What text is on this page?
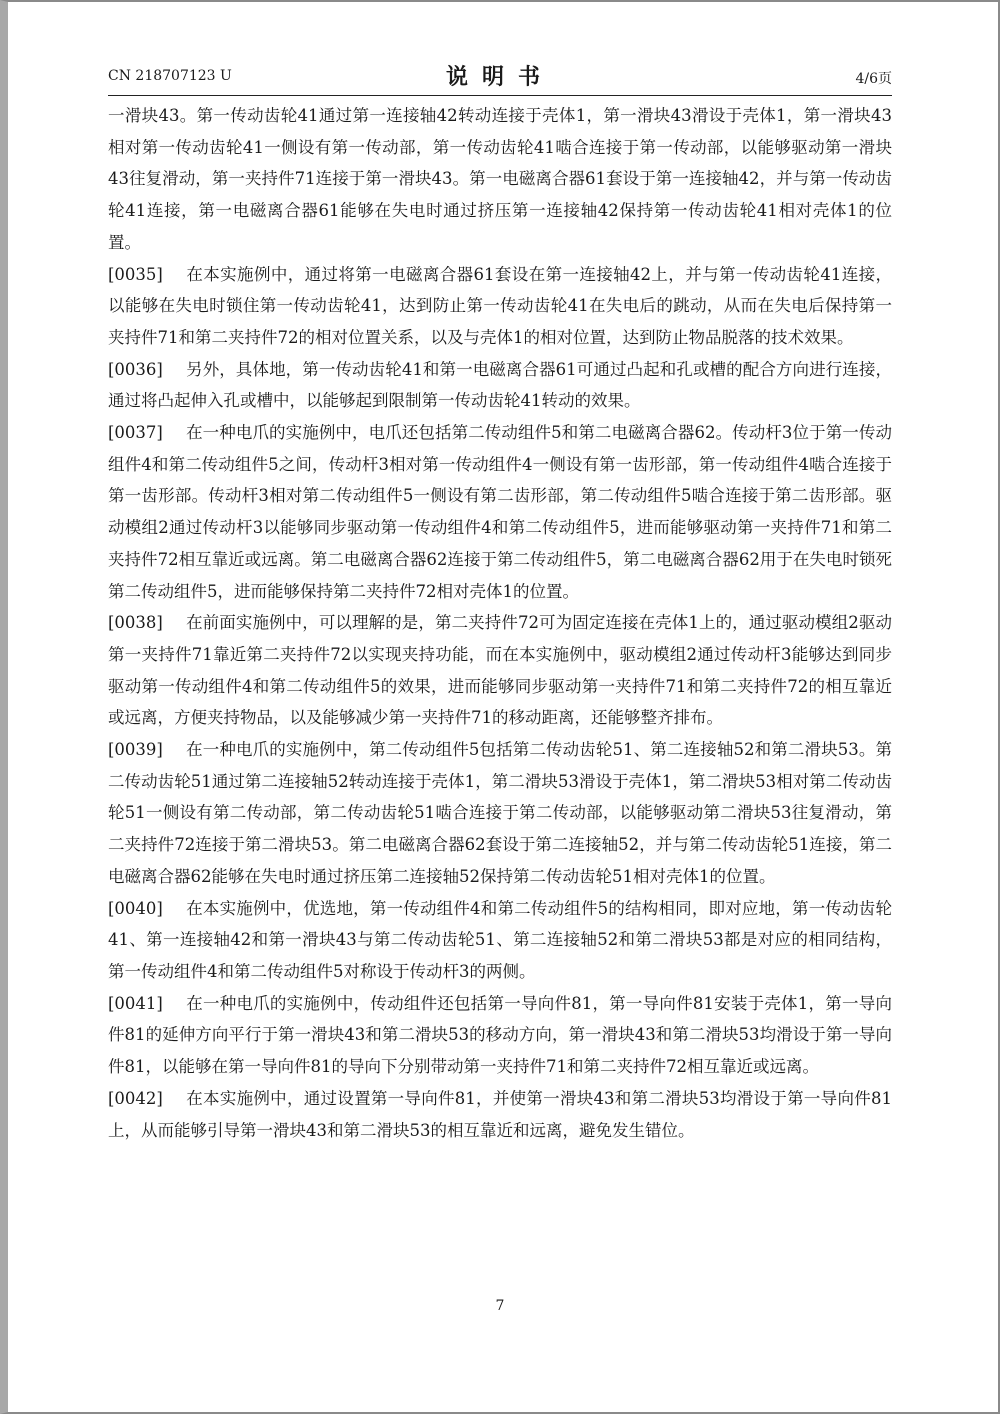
CN 218707123 U	说明书	4/6页

一滑块43。第一传动齿轮41通过第一连接轴42转动连接于壳体1，第一滑块43滑设于壳体1，第一滑块43相对第一传动齿轮41一侧设有第一传动部，第一传动齿轮41啮合连接于第一传动部，以能够驱动第一滑块43往复滑动，第一夹持件71连接于第一滑块43。第一电磁离合器61套设于第一连接轴42，并与第一传动齿轮41连接，第一电磁离合器61能够在失电时通过挤压第一连接轴42保持第一传动齿轮41相对壳体1的位置。

[0035] 在本实施例中，通过将第一电磁离合器61套设在第一连接轴42上，并与第一传动齿轮41连接，以能够在失电时锁住第一传动齿轮41，达到防止第一传动齿轮41在失电后的跳动，从而在失电后保持第一夹持件71和第二夹持件72的相对位置关系，以及与壳体1的相对位置，达到防止物品脱落的技术效果。

[0036] 另外，具体地，第一传动齿轮41和第一电磁离合器61可通过凸起和孔或槽的配合方向进行连接，通过将凸起伸入孔或槽中，以能够起到限制第一传动齿轮41转动的效果。

[0037] 在一种电爪的实施例中，电爪还包括第二传动组件5和第二电磁离合器62。传动杆3位于第一传动组件4和第二传动组件5之间，传动杆3相对第一传动组件4一侧设有第一齿形部，第一传动组件4啮合连接于第一齿形部。传动杆3相对第二传动组件5一侧设有第二齿形部，第二传动组件5啮合连接于第二齿形部。驱动模组2通过传动杆3以能够同步驱动第一传动组件4和第二传动组件5，进而能够驱动第一夹持件71和第二夹持件72相互靠近或远离。第二电磁离合器62连接于第二传动组件5，第二电磁离合器62用于在失电时锁死第二传动组件5，进而能够保持第二夹持件72相对壳体1的位置。

[0038] 在前面实施例中，可以理解的是，第二夹持件72可为固定连接在壳体1上的，通过驱动模组2驱动第一夹持件71靠近第二夹持件72以实现夹持功能，而在本实施例中，驱动模组2通过传动杆3能够达到同步驱动第一传动组件4和第二传动组件5的效果，进而能够同步驱动第一夹持件71和第二夹持件72的相互靠近或远离，方便夹持物品，以及能够减少第一夹持件71的移动距离，还能够整齐排布。

[0039] 在一种电爪的实施例中，第二传动组件5包括第二传动齿轮51、第二连接轴52和第二滑块53。第二传动齿轮51通过第二连接轴52转动连接于壳体1，第二滑块53滑设于壳体1，第二滑块53相对第二传动齿轮51一侧设有第二传动部，第二传动齿轮51啮合连接于第二传动部，以能够驱动第二滑块53往复滑动，第二夹持件72连接于第二滑块53。第二电磁离合器62套设于第二连接轴52，并与第二传动齿轮51连接，第二电磁离合器62能够在失电时通过挤压第二连接轴52保持第二传动齿轮51相对壳体1的位置。

[0040] 在本实施例中，优选地，第一传动组件4和第二传动组件5的结构相同，即对应地，第一传动齿轮41、第一连接轴42和第一滑块43与第二传动齿轮51、第二连接轴52和第二滑块53都是对应的相同结构，第一传动组件4和第二传动组件5对称设于传动杆3的两侧。

[0041] 在一种电爪的实施例中，传动组件还包括第一导向件81，第一导向件81安装于壳体1，第一导向件81的延伸方向平行于第一滑块43和第二滑块53的移动方向，第一滑块43和第二滑块53均滑设于第一导向件81，以能够在第一导向件81的导向下分别带动第一夹持件71和第二夹持件72相互靠近或远离。

[0042] 在本实施例中，通过设置第一导向件81，并使第一滑块43和第二滑块53均滑设于第一导向件81上，从而能够引导第一滑块43和第二滑块53的相互靠近和远离，避免发生错位。

7
